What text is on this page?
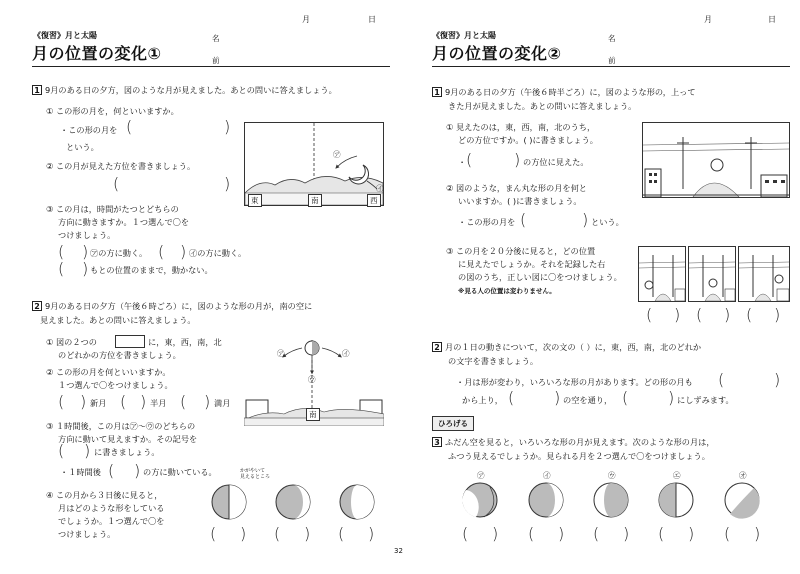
月	日
《復習》月と太陽
月の位置の変化①
名
前
1 9月のある日の夕方，図のような月が見えました。あとの問いに答えましょう。
① この形の月を，何といいますか。
・この形の月を (	)
という。
② この月が見えた方位を書きましょう。
(	)
③ この月は，時間がたつとどちらの
方向に動きますか。１つ選んで〇を
つけましょう。
( ) ㋐の方に動く。 ( ) ㋑の方に動く。
( ) もとの位置のままで，動かない。
㋐
㋑
東	南	西
2 9月のある日の夕方（午後６時ごろ）に，図のような形の月が，南の空に
見えました。あとの問いに答えましょう。
① 図の２つの	に，東，西，南，北
のどれかの方位を書きましょう。
② この形の月を何といいますか。
１つ選んで〇をつけましょう。
( ) 新月 ( ) 半月 ( ) 満月
㋐	㋑
㋒
南
③ １時間後，この月は㋐～㋒のどちらの
方向に動いて見えますか。その記号を
( ) に書きましょう。
・１時間後 ( ) の方に動いている。	かがやいて
見えるところ
④ この月から３日後に見ると，
月はどのような形をしている
でしょうか。１つ選んで〇を
つけましょう。	( ) ( ) ( )
月	日
《復習》月と太陽
月の位置の変化②
名
前
1 9月のある日の夕方（午後６時半ごろ）に，図のような形の，上って
きた月が見えました。あとの問いに答えましょう。
① 見えたのは，東，西，南，北のうち，
どの方位ですか。( )に書きましょう。
・ (	) の方位に見えた。
② 図のような，まん丸な形の月を何と
いいますか。( )に書きましょう。
・この形の月を (	) という。
③ この月を２０分後に見ると，どの位置
に見えたでしょうか。それを記録した右
の図のうち，正しい図に〇をつけましょう。
※見る人の位置は変わりません。
( ) ( ) ( )
2 月の１日の動きについて，次の文の（ ）に，東，西，南，北のどれか
の文字を書きましょう。
・月は形が変わり，いろいろな形の月があります。どの形の月も (	)
から上り， ( ) の空を通り， ( ) にしずみます。
ひろげる
3 ふだん空を見ると，いろいろな形の月が見えます。次のような形の月は，
ふつう見えるでしょうか。見られる月を２つ選んで〇をつけましょう。
㋐	㋑	㋒	㋓	㋔
( ) ( ) ( ) ( ) ( )
32
